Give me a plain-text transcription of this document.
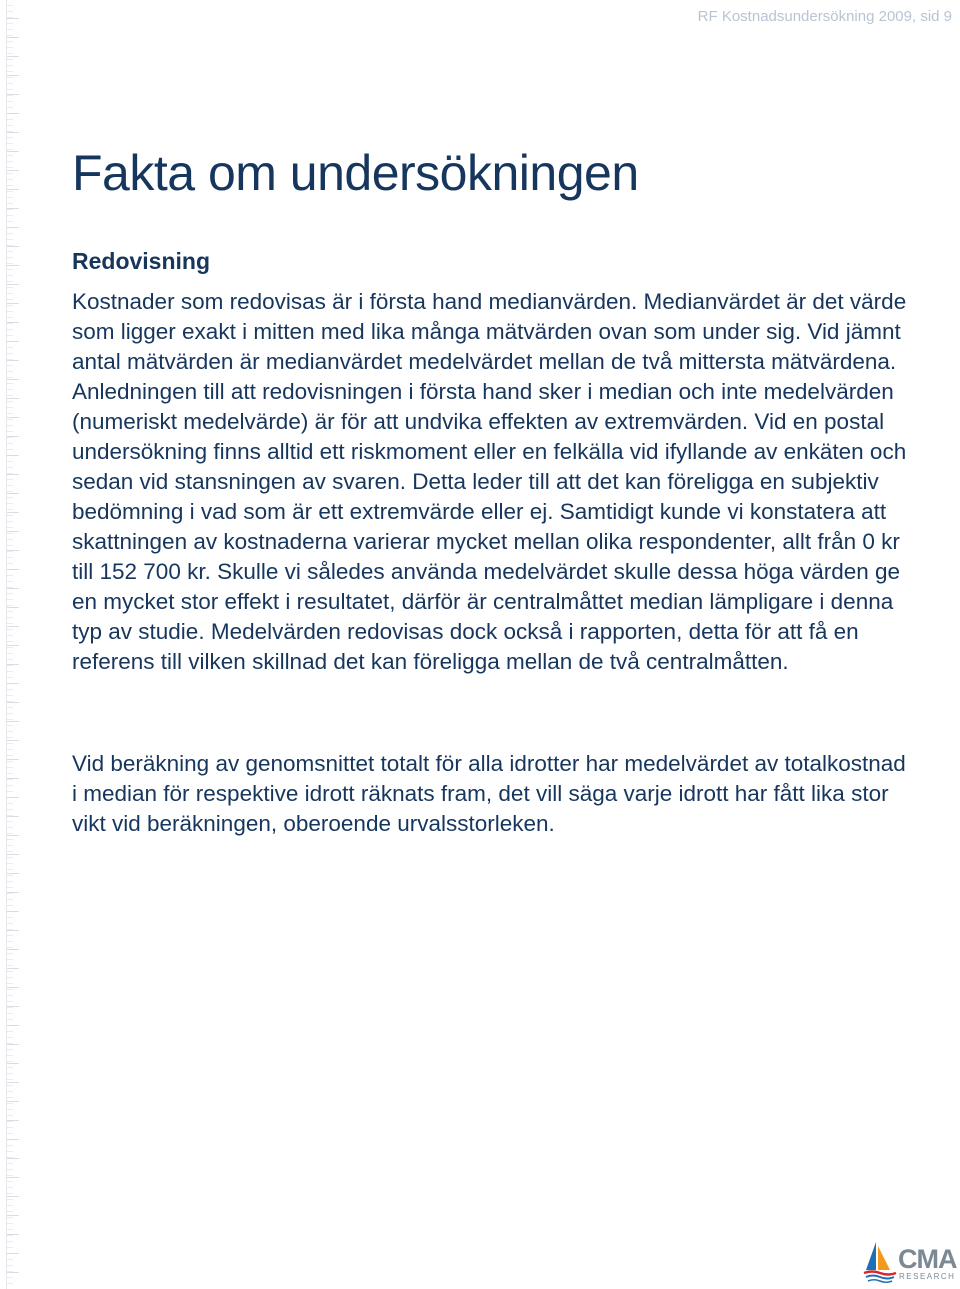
RF Kostnadsundersökning 2009, sid 9
Fakta om undersökningen
Redovisning

Kostnader som redovisas är i första hand medianvärden. Medianvärdet är det värde som ligger exakt i mitten med lika många mätvärden ovan som under sig. Vid jämnt antal mätvärden är medianvärdet medelvärdet mellan de två mittersta mätvärdena. Anledningen till att redovisningen i första hand sker i median och inte medelvärden (numeriskt medelvärde) är för att undvika effekten av extremvärden. Vid en postal undersökning finns alltid ett riskmoment eller en felkälla vid ifyllande av enkäten och sedan vid stansningen av svaren. Detta leder till att det kan föreligga en subjektiv bedömning i vad som är ett extremvärde eller ej. Samtidigt kunde vi konstatera att skattningen av kostnaderna varierar mycket mellan olika respondenter, allt från 0 kr till 152 700 kr. Skulle vi således använda medelvärdet skulle dessa höga värden ge en mycket stor effekt i resultatet, därför är centralmåttet median lämpligare i denna typ av studie. Medelvärden redovisas dock också i rapporten, detta för att få en referens till vilken skillnad det kan föreligga mellan de två centralmåtten.

Vid beräkning av genomsnittet totalt för alla idrotter har medelvärdet av totalkostnad i median för respektive idrott räknats fram, det vill säga varje idrott har fått lika stor vikt vid beräkningen, oberoende urvalsstorleken.

CMA
RESEARCH
